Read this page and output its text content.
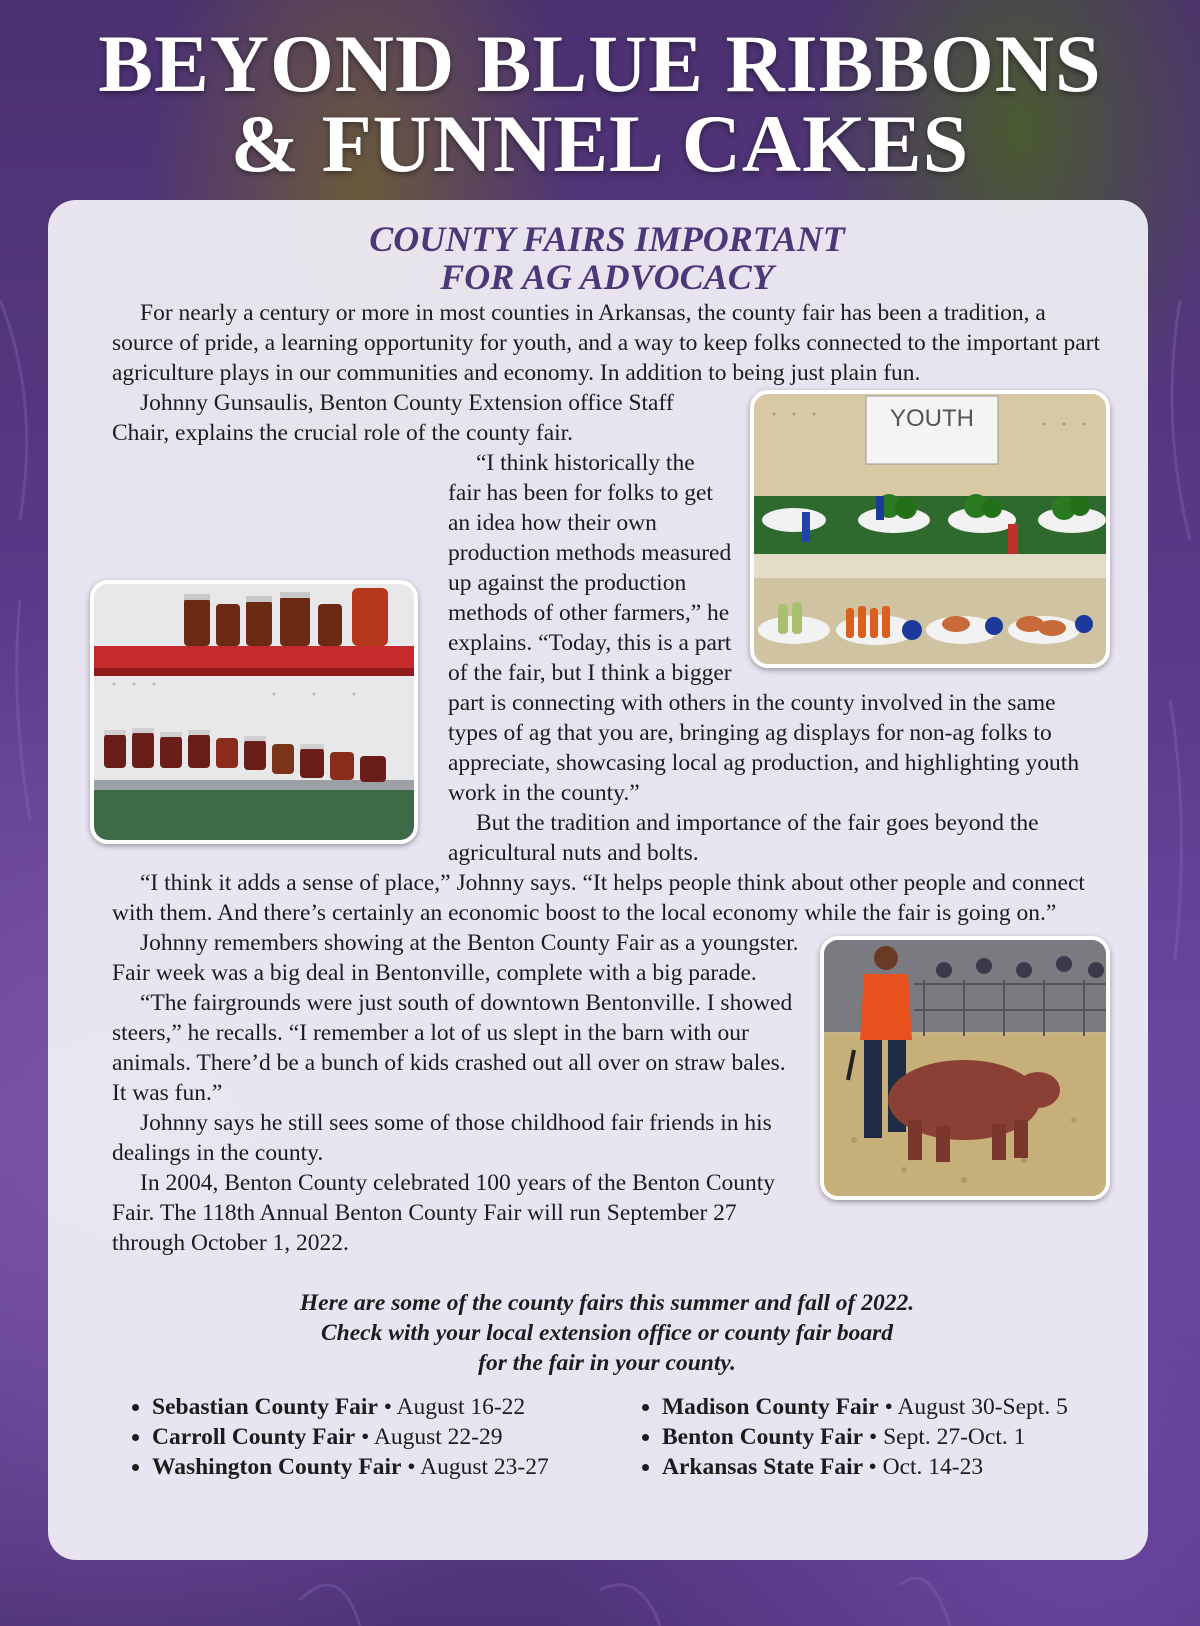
BEYOND BLUE RIBBONS
& FUNNEL CAKES
COUNTY FAIRS IMPORTANT
FOR AG ADVOCACY

For nearly a century or more in most counties in Arkansas, the county fair has been a tradition, a source of pride, a learning opportunity for youth, and a way to keep folks connected to the important part agriculture plays in our communities and economy. In addition to being just plain fun.

YOUTH

Johnny Gunsaulis, Benton County Extension office Staff Chair, explains the crucial role of the county fair.

“I think historically the fair has been for folks to get an idea how their own production methods measured up against the production methods of other farmers,” he explains. “Today, this is a part of the fair, but I think a bigger part is connecting with others in the county involved in the same types of ag that you are, bringing ag displays for non-ag folks to appreciate, showcasing local ag production, and highlighting youth work in the county.”

But the tradition and importance of the fair goes beyond the agricultural nuts and bolts.

“I think it adds a sense of place,” Johnny says. “It helps people think about other people and connect with them. And there’s certainly an economic boost to the local economy while the fair is going on.”

Johnny remembers showing at the Benton County Fair as a youngster. Fair week was a big deal in Bentonville, complete with a big parade.

“The fairgrounds were just south of downtown Bentonville. I showed steers,” he recalls. “I remember a lot of us slept in the barn with our animals. There’d be a bunch of kids crashed out all over on straw bales. It was fun.”

Johnny says he still sees some of those childhood fair friends in his dealings in the county.

In 2004, Benton County celebrated 100 years of the Benton County Fair. The 118th Annual Benton County Fair will run September 27 through October 1, 2022.

Here are some of the county fairs this summer and fall of 2022.
Check with your local extension office or county fair board
for the fair in your county.
• Sebastian County Fair • August 16-22
• Carroll County Fair • August 22-29
• Washington County Fair • August 23-27
• Madison County Fair • August 30-Sept. 5
• Benton County Fair • Sept. 27-Oct. 1
• Arkansas State Fair • Oct. 14-23
